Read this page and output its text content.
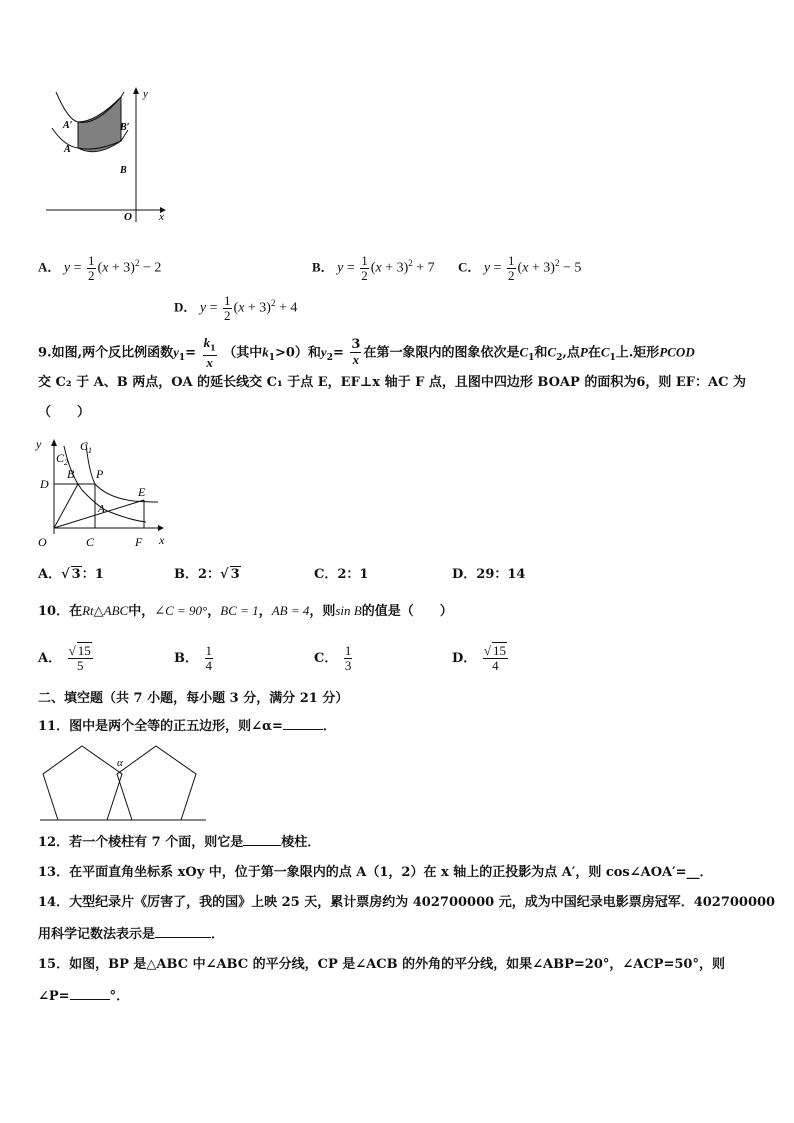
y
x
O
A
A′
B
B′
A． $y = \frac{1}{2} (x + 3)^2 - 2$	B． $y = \frac{1}{2} (x + 3)^2 + 7$ C． $y = \frac{1}{2} (x + 3)^2 - 5$
D． $y = \frac{1}{2} (x + 3)^2 + 4$
9.如图,两个反比例函数$y_1= \frac{k_1}{x}$ （其中$k_1>0$）和$y_2= \frac{3}{x}$ 在第一象限内的图象依次是$C_1$和$C_2$,点P在$C_1$上.矩形PCOD
交 C₂ 于 A、B 两点，OA 的延长线交 C₁ 于点 E，EF⊥x 轴于 F 点，且图中四边形 BOAP 的面积为6，则 EF：AC 为
（　　）
y
x
O	C	F
D
B P
A
E
$C_1$
$C_2$
A．√ 3：1	B．2：√ 3	C．2：1	D．29：14
10．在Rt△ABC中，∠C = 90°，BC = 1，AB = 4，则sin B的值是（　　）
A． $\frac{√ 15}{5}$	B． $\frac{1}{4}$	C． $\frac{1}{3}$	D． $\frac{√ 15}{4}$
二、填空题（共 7 小题，每小题 3 分，满分 21 分）
11．图中是两个全等的正五边形，则∠α=	．
α
12．若一个棱柱有 7 个面，则它是	棱柱．
13．在平面直角坐标系 xOy 中，位于第一象限内的点 A（1，2）在 x 轴上的正投影为点 A′，则 cos∠AOA′=__．
14．大型纪录片《厉害了，我的国》上映 25 天，累计票房约为 402700000 元，成为中国纪录电影票房冠军．402700000
用科学记数法表示是	．
15．如图，BP 是△ABC 中∠ABC 的平分线，CP 是∠ACB 的外角的平分线，如果∠ABP=20°，∠ACP=50°，则
∠P=	°．
